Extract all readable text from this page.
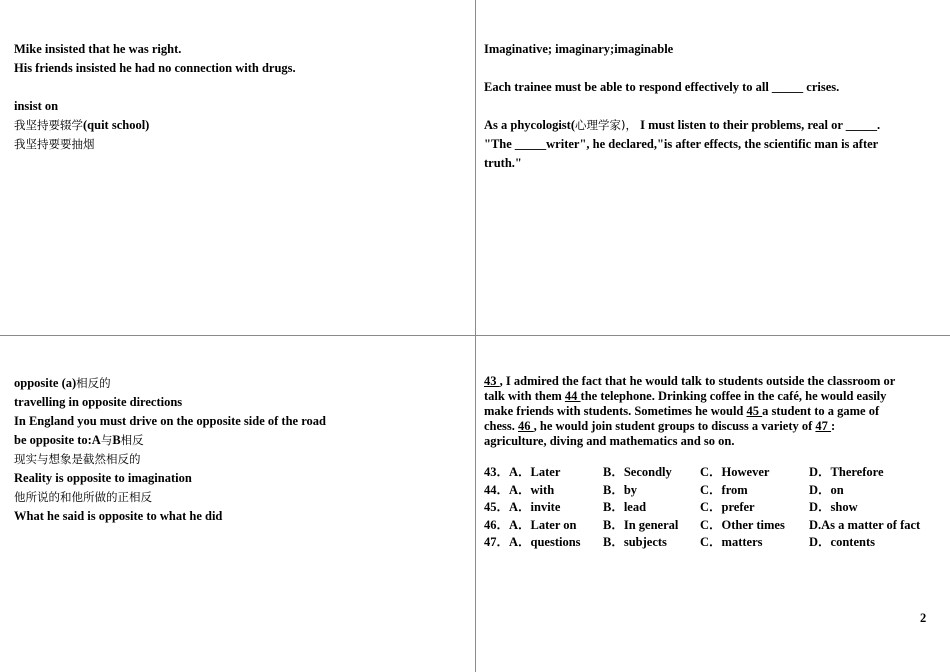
Mike insisted that he was right.
His friends insisted he had no connection with drugs.
insist on
我坚持要辍学(quit school)
我坚持要要抽烟
Imaginative; imaginary;imaginable
Each trainee must be able to respond effectively to all _____ crises.
As a phycologist(心理学家)， I must listen to their problems, real or _____.
"The _____writer", he declared,"is after effects, the scientific man is after
truth."
opposite (a)相反的
travelling in opposite directions
In England you must drive on the opposite side of the road
be opposite to:A与B相反
现实与想象是截然相反的
Reality is opposite to imagination
他所说的和他所做的正相反
What he said is opposite to what he did
43 , I admired the fact that he would talk to students outside the classroom or
talk with them 44 the telephone. Drinking coffee in the café, he would easily
make friends with students. Sometimes he would 45 a student to a game of
chess. 46 , he would join student groups to discuss a variety of 47 :
agriculture, diving and mathematics and so on.
43．A．Later	B．Secondly	C．However	D．Therefore
44．A．with	B．by	C．from	D．on
45．A．invite	B．lead	C．prefer	D．show
46．A．Later on	B．In general	C．Other times	D.As a matter of fact
47．A．questions	B．subjects	C．matters	D．contents
2
